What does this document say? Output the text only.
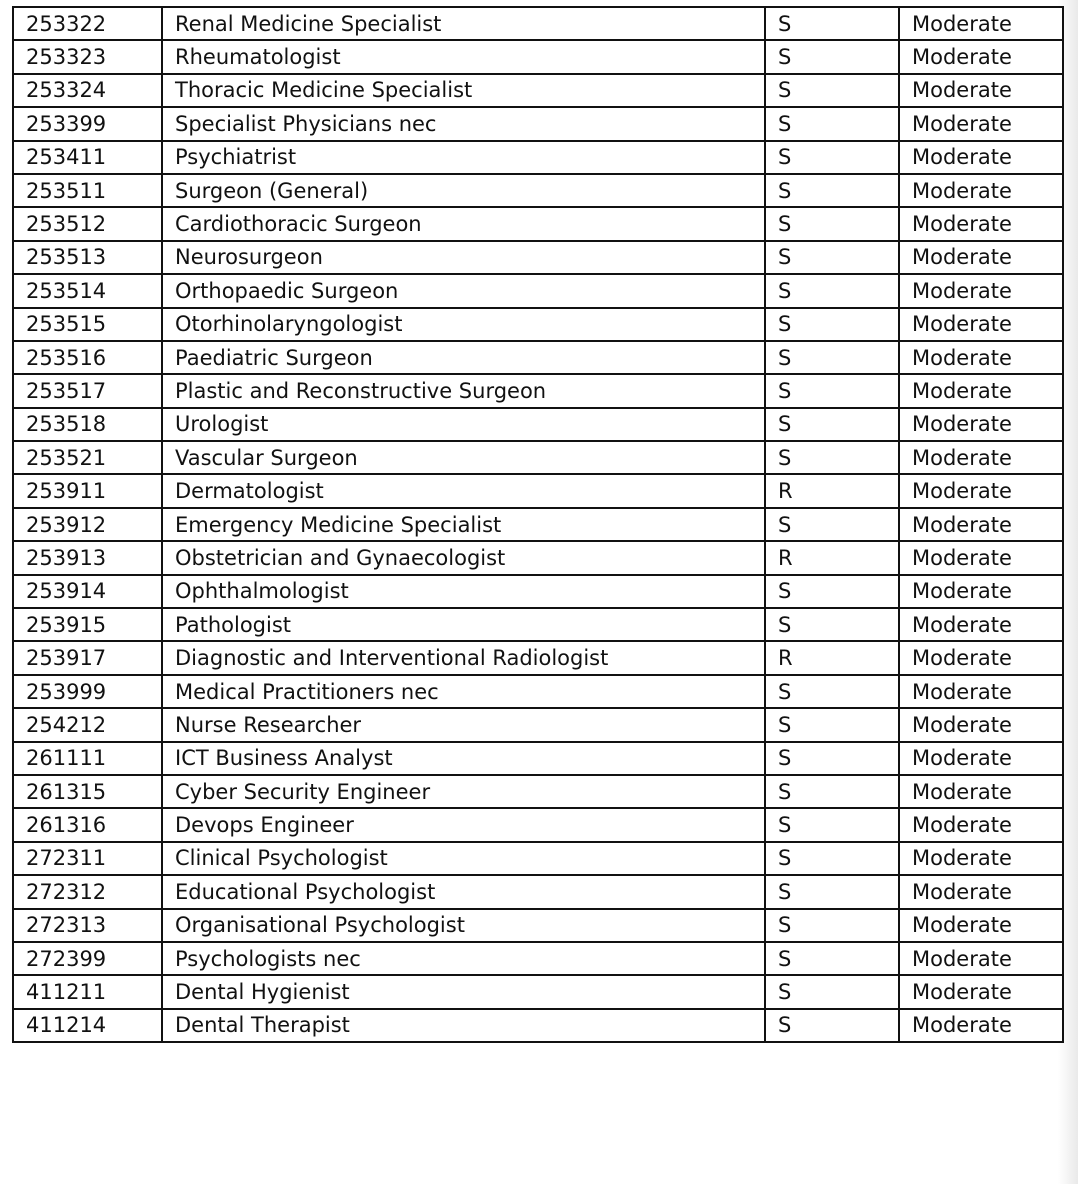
253322	Renal Medicine Specialist	S	Moderate
253323	Rheumatologist	S	Moderate
253324	Thoracic Medicine Specialist	S	Moderate
253399	Specialist Physicians nec	S	Moderate
253411	Psychiatrist	S	Moderate
253511	Surgeon (General)	S	Moderate
253512	Cardiothoracic Surgeon	S	Moderate
253513	Neurosurgeon	S	Moderate
253514	Orthopaedic Surgeon	S	Moderate
253515	Otorhinolaryngologist	S	Moderate
253516	Paediatric Surgeon	S	Moderate
253517	Plastic and Reconstructive Surgeon	S	Moderate
253518	Urologist	S	Moderate
253521	Vascular Surgeon	S	Moderate
253911	Dermatologist	R	Moderate
253912	Emergency Medicine Specialist	S	Moderate
253913	Obstetrician and Gynaecologist	R	Moderate
253914	Ophthalmologist	S	Moderate
253915	Pathologist	S	Moderate
253917	Diagnostic and Interventional Radiologist	R	Moderate
253999	Medical Practitioners nec	S	Moderate
254212	Nurse Researcher	S	Moderate
261111	ICT Business Analyst	S	Moderate
261315	Cyber Security Engineer	S	Moderate
261316	Devops Engineer	S	Moderate
272311	Clinical Psychologist	S	Moderate
272312	Educational Psychologist	S	Moderate
272313	Organisational Psychologist	S	Moderate
272399	Psychologists nec	S	Moderate
411211	Dental Hygienist	S	Moderate
411214	Dental Therapist	S	Moderate
